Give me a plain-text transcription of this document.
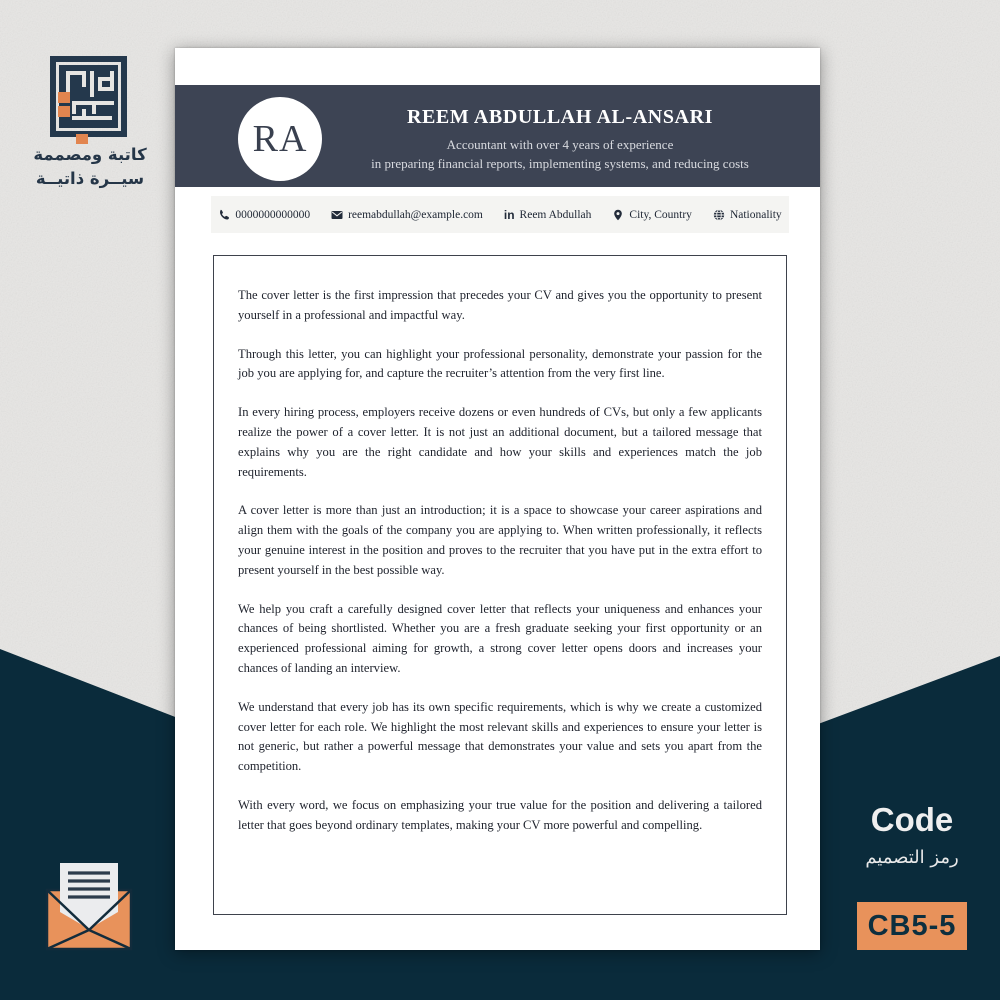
كاتبة ومصممة
سيــرة ذاتيــة
RA
REEM ABDULLAH AL-ANSARI
Accountant with over 4 years of experience
in preparing financial reports, implementing systems, and reducing costs
0000000000000	reemabdullah@example.com in Reem Abdullah	City, Country	Nationality

The cover letter is the first impression that precedes your CV and gives you the opportunity to present yourself in a professional and impactful way.

Through this letter, you can highlight your professional personality, demonstrate your passion for the job you are applying for, and capture the recruiter’s attention from the very first line.

In every hiring process, employers receive dozens or even hundreds of CVs, but only a few applicants realize the power of a cover letter. It is not just an additional document, but a tailored message that explains why you are the right candidate and how your skills and experiences match the job requirements.

A cover letter is more than just an introduction; it is a space to showcase your career aspirations and align them with the goals of the company you are applying to. When written professionally, it reflects your genuine interest in the position and proves to the recruiter that you have put in the extra effort to present yourself in the best possible way.

We help you craft a carefully designed cover letter that reflects your uniqueness and enhances your chances of being shortlisted. Whether you are a fresh graduate seeking your first opportunity or an experienced professional aiming for growth, a strong cover letter opens doors and increases your chances of landing an interview.

We understand that every job has its own specific requirements, which is why we create a customized cover letter for each role. We highlight the most relevant skills and experiences to ensure your letter is not generic, but rather a powerful message that demonstrates your value and sets you apart from the competition.

With every word, we focus on emphasizing your true value for the position and delivering a tailored letter that goes beyond ordinary templates, making your CV more powerful and compelling.	Code
رمز التصميم
CB5-5
